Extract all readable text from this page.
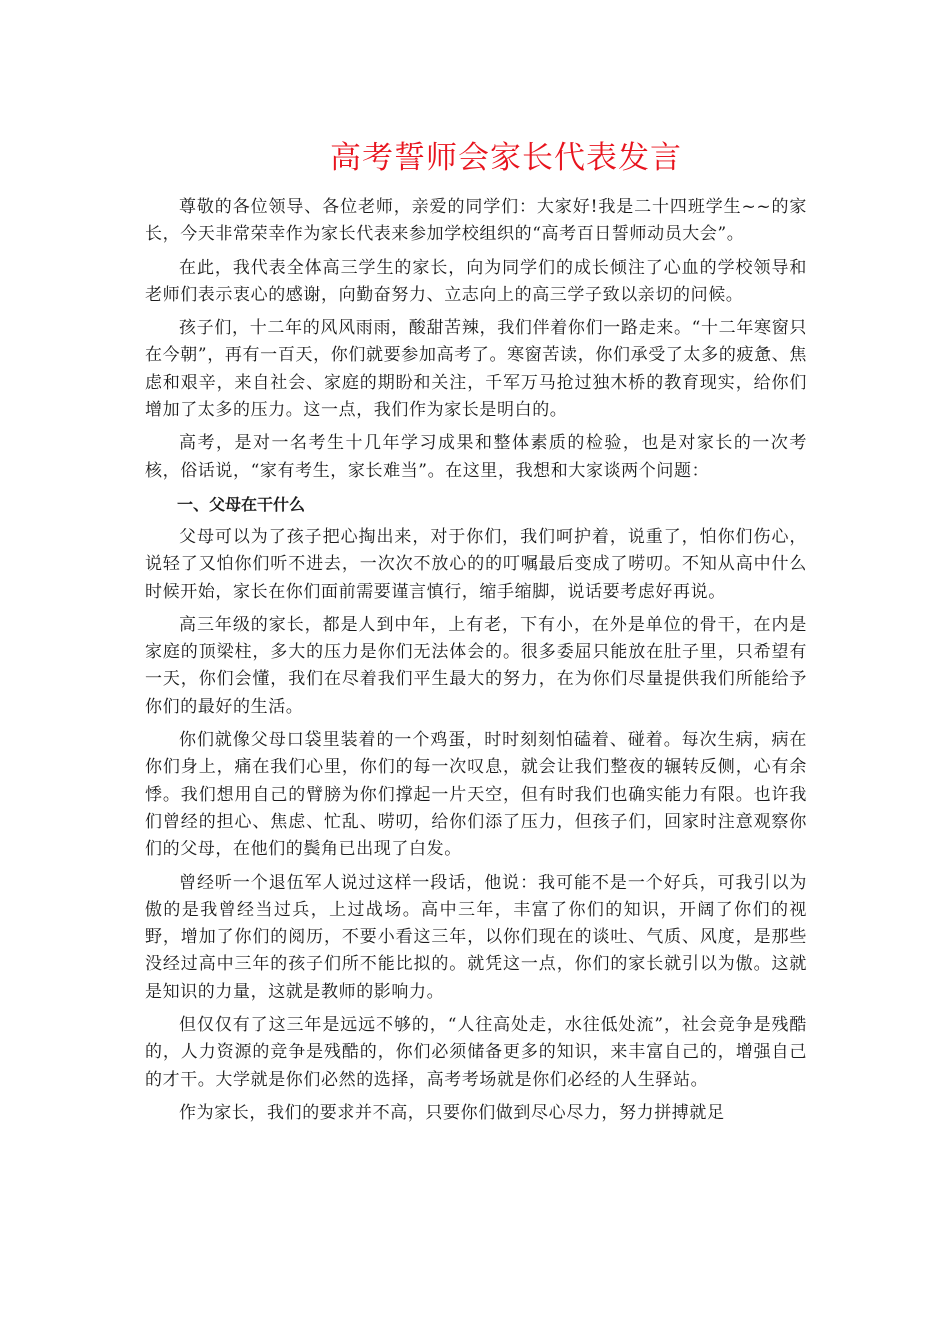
高考誓师会家长代表发言

尊敬的各位领导、各位老师，亲爱的同学们：大家好!我是二十四班学生~~的家长，今天非常荣幸作为家长代表来参加学校组织的“高考百日誓师动员大会”。

在此，我代表全体高三学生的家长，向为同学们的成长倾注了心血的学校领导和老师们表示衷心的感谢，向勤奋努力、立志向上的高三学子致以亲切的问候。

孩子们，十二年的风风雨雨，酸甜苦辣，我们伴着你们一路走来。“十二年寒窗只在今朝”，再有一百天，你们就要参加高考了。寒窗苦读，你们承受了太多的疲惫、焦虑和艰辛，来自社会、家庭的期盼和关注，千军万马抢过独木桥的教育现实，给你们增加了太多的压力。这一点，我们作为家长是明白的。

高考，是对一名考生十几年学习成果和整体素质的检验，也是对家长的一次考核，俗话说，“家有考生，家长难当”。在这里，我想和大家谈两个问题：

一、父母在干什么

父母可以为了孩子把心掏出来，对于你们，我们呵护着，说重了，怕你们伤心，说轻了又怕你们听不进去，一次次不放心的的叮嘱最后变成了唠叨。不知从高中什么时候开始，家长在你们面前需要谨言慎行，缩手缩脚，说话要考虑好再说。

高三年级的家长，都是人到中年，上有老，下有小，在外是单位的骨干，在内是家庭的顶梁柱，多大的压力是你们无法体会的。很多委屈只能放在肚子里，只希望有一天，你们会懂，我们在尽着我们平生最大的努力，在为你们尽量提供我们所能给予你们的最好的生活。

你们就像父母口袋里装着的一个鸡蛋，时时刻刻怕磕着、碰着。每次生病，病在你们身上，痛在我们心里，你们的每一次叹息，就会让我们整夜的辗转反侧，心有余悸。我们想用自己的臂膀为你们撑起一片天空，但有时我们也确实能力有限。也许我们曾经的担心、焦虑、忙乱、唠叨，给你们添了压力，但孩子们，回家时注意观察你们的父母，在他们的鬓角已出现了白发。

曾经听一个退伍军人说过这样一段话，他说：我可能不是一个好兵，可我引以为傲的是我曾经当过兵，上过战场。高中三年，丰富了你们的知识，开阔了你们的视野，增加了你们的阅历，不要小看这三年，以你们现在的谈吐、气质、风度，是那些没经过高中三年的孩子们所不能比拟的。就凭这一点，你们的家长就引以为傲。这就是知识的力量，这就是教师的影响力。

但仅仅有了这三年是远远不够的，“人往高处走，水往低处流”，社会竞争是残酷的，人力资源的竞争是残酷的，你们必须储备更多的知识，来丰富自己的，增强自己的才干。大学就是你们必然的选择，高考考场就是你们必经的人生驿站。

作为家长，我们的要求并不高，只要你们做到尽心尽力，努力拼搏就足
